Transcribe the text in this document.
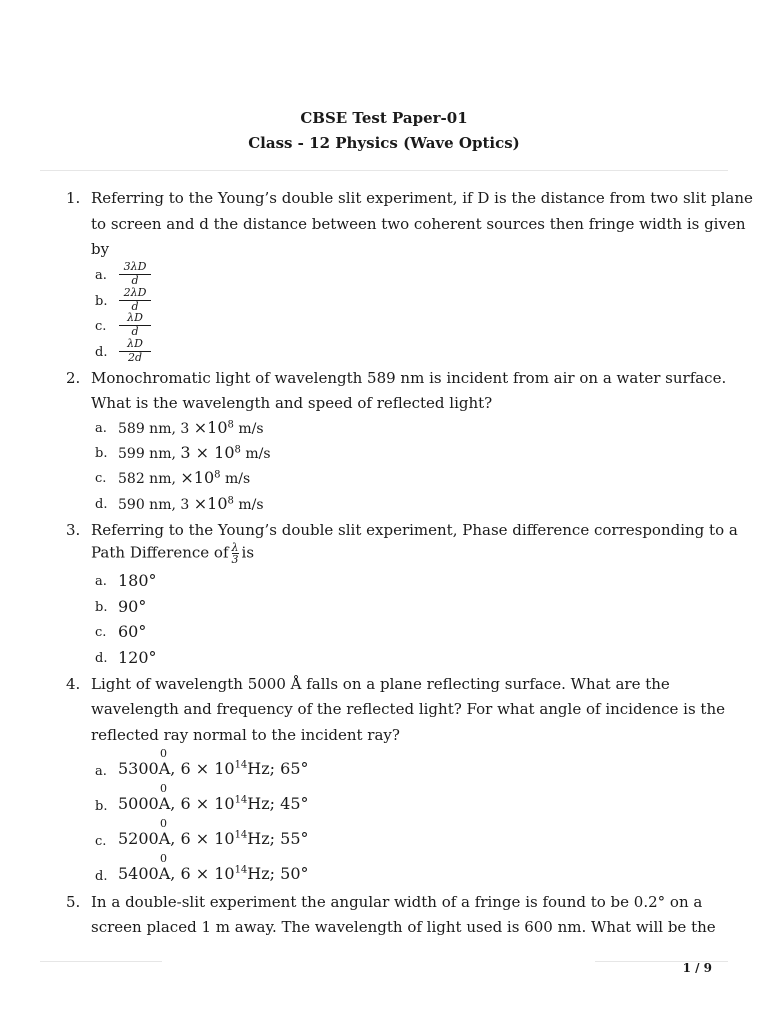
CBSE Test Paper-01
Class - 12 Physics (Wave Optics)
1. Referring to the Young’s double slit experiment, if D is the distance from two slit plane
to screen and d the distance between two coherent sources then fringe width is given
by
a. $\frac{3\lambda D}{d}$
b. $\frac{2\lambda D}{d}$
c. $\frac{\lambda D}{d}$
d. $\frac{\lambda D}{2d}$
2. Monochromatic light of wavelength 589 nm is incident from air on a water surface.
What is the wavelength and speed of reflected light?
a. 589 nm, $3 \times 10^8$ m/s
b. 599 nm, $3 \times 10^8$ m/s
c. 582 nm, $\times 10^8$ m/s
d. 590 nm, $3 \times 10^8$ m/s
3. Referring to the Young’s double slit experiment, Phase difference corresponding to a
Path Difference of $\frac{\lambda}{3}$ is
a. 180°
b. 90°
c. 60°
d. 120°
4. Light of wavelength 5000 Å falls on a plane reflecting surface. What are the
wavelength and frequency of the reflected light? For what angle of incidence is the
reflected ray normal to the incident ray?
0
a. 5300A, $6 \times 10^{14}Hz$; 65°
0
b. 5000A, $6 \times 10^{14}Hz$; 45°
0
c. 5200A, $6 \times 10^{14}Hz$; 55°
0
d. 5400A, $6 \times 10^{14}Hz$; 50°
5. In a double-slit experiment the angular width of a fringe is found to be 0.2° on a
screen placed 1 m away. The wavelength of light used is 600 nm. What will be the
1 / 9
